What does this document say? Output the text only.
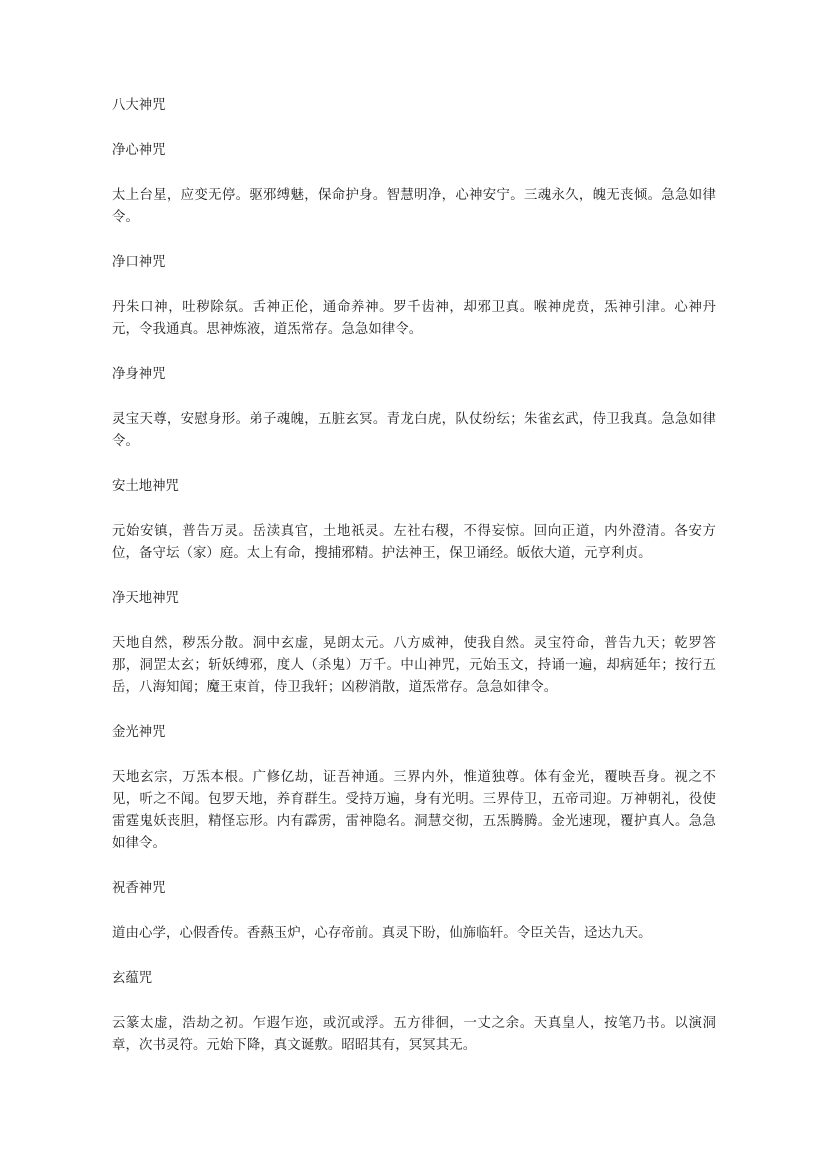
八大神咒
净心神咒

太上台星，应变无停。驱邪缚魅，保命护身。智慧明净，心神安宁。三魂永久，魄无丧倾。急急如律令。

净口神咒

丹朱口神，吐秽除氛。舌神正伦，通命养神。罗千齿神，却邪卫真。喉神虎贲，炁神引津。心神丹元，令我通真。思神炼液，道炁常存。急急如律令。

净身神咒

灵宝天尊，安慰身形。弟子魂魄，五脏玄冥。青龙白虎，队仗纷纭；朱雀玄武，侍卫我真。急急如律令。

安土地神咒

元始安镇，普告万灵。岳渎真官，土地祇灵。左社右稷，不得妄惊。回向正道，内外澄清。各安方位，备守坛（家）庭。太上有命，搜捕邪精。护法神王，保卫诵经。皈依大道，元亨利贞。

净天地神咒

天地自然，秽炁分散。洞中玄虚，晃朗太元。八方威神，使我自然。灵宝符命，普告九天；乾罗答那，洞罡太玄；斩妖缚邪，度人（杀鬼）万千。中山神咒，元始玉文，持诵一遍，却病延年；按行五岳，八海知闻；魔王束首，侍卫我轩；凶秽消散，道炁常存。急急如律令。

金光神咒

天地玄宗，万炁本根。广修亿劫，证吾神通。三界内外，惟道独尊。体有金光，覆映吾身。视之不见，听之不闻。包罗天地，养育群生。受持万遍，身有光明。三界侍卫，五帝司迎。万神朝礼，役使雷霆鬼妖丧胆，精怪忘形。内有霹雳，雷神隐名。洞慧交彻，五炁腾腾。金光速现，覆护真人。急急如律令。

祝香神咒

道由心学，心假香传。香爇玉炉，心存帝前。真灵下盼，仙旆临轩。令臣关告，迳达九天。

玄蕴咒

云篆太虚，浩劫之初。乍遐乍迩，或沉或浮。五方徘徊，一丈之余。天真皇人，按笔乃书。以演洞章，次书灵符。元始下降，真文诞敷。昭昭其有，冥冥其无。
